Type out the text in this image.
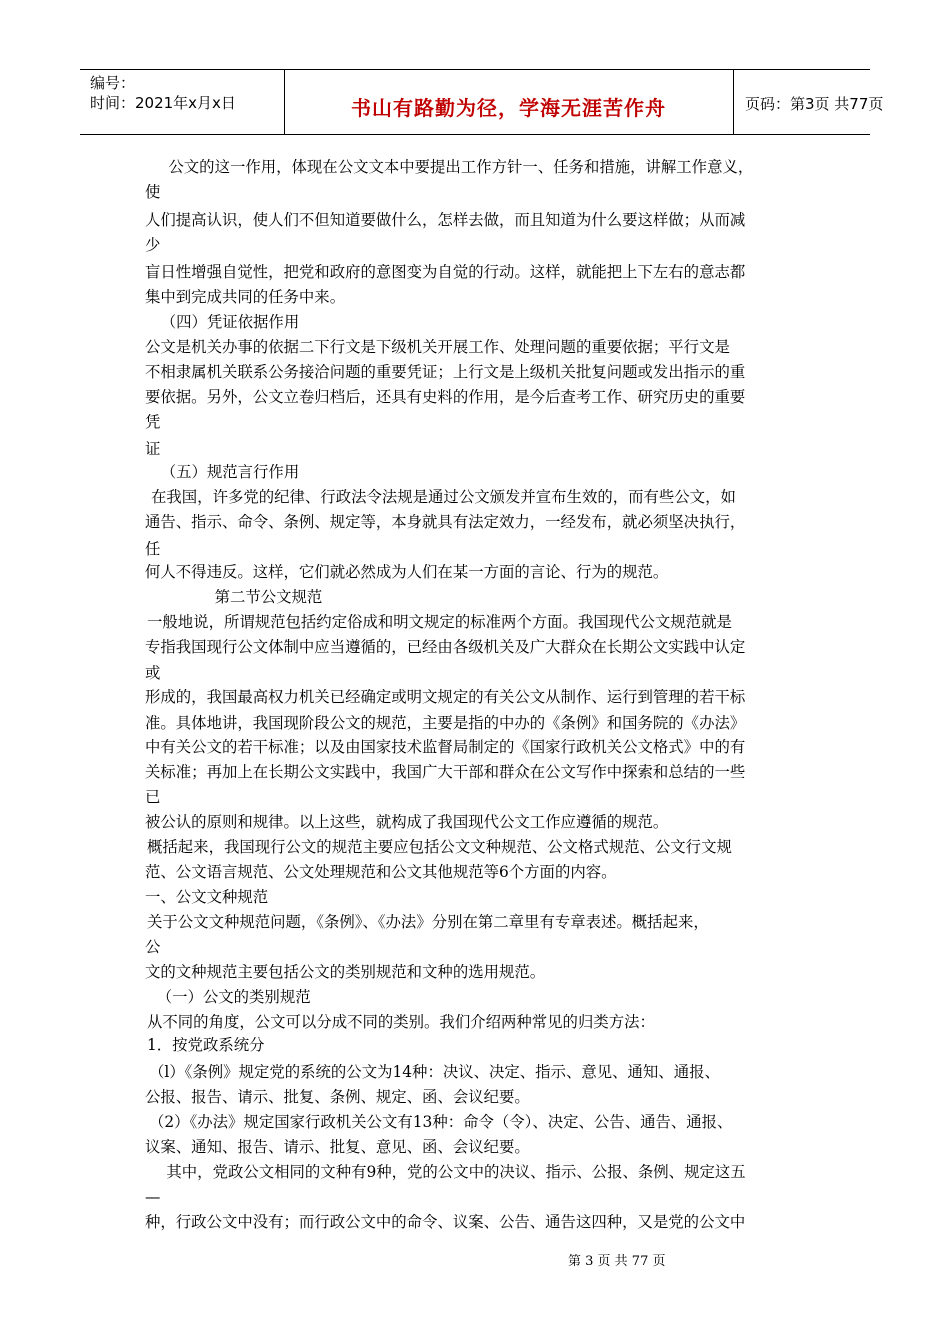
编号：
时间：2021年x月x日	书山有路勤为径，学海无涯苦作舟	页码：第3页 共77页
　公文的这一作用，体现在公文文本中要提出工作方针一、任务和措施，讲解工作意义，
使
人们提高认识，使人们不但知道要做什么，怎样去做，而且知道为什么要这样做；从而减
少
盲日性增强自觉性，把党和政府的意图变为自觉的行动。这样，就能把上下左右的意志都
集中到完成共同的任务中来。
　（四）凭证依据作用
公文是机关办事的依据二下行文是下级机关开展工作、处理问题的重要依据；平行文是
不相隶属机关联系公务接洽问题的重要凭证；上行文是上级机关批复问题或发出指示的重
要依据。另外，公文立卷归档后，还具有史料的作用，是今后查考工作、研究历史的重要
凭
证
　（五）规范言行作用
在我国，许多党的纪律、行政法令法规是通过公文颁发并宣布生效的，而有些公文，如
通告、指示、命令、条例、规定等，本身就具有法定效力，一经发布，就必须坚决执行，
任
何人不得违反。这样，它们就必然成为人们在某一方面的言论、行为的规范。
　　　　第二节公文规范
一般地说，所谓规范包括约定俗成和明文规定的标准两个方面。我国现代公文规范就是
专指我国现行公文体制中应当遵循的，已经由各级机关及广大群众在长期公文实践中认定
或
形成的，我国最高权力机关已经确定或明文规定的有关公文从制作、运行到管理的若干标
准。具体地讲，我国现阶段公文的规范，主要是指的中办的《条例》和国务院的《办法》
中有关公文的若干标准；以及由国家技术监督局制定的《国家行政机关公文格式》中的有
关标准；再加上在长期公文实践中，我国广大干部和群众在公文写作中探索和总结的一些
已
被公认的原则和规律。以上这些，就构成了我国现代公文工作应遵循的规范。
概括起来，我国现行公文的规范主要应包括公文文种规范、公文格式规范、公文行文规
范、公文语言规范、公文处理规范和公文其他规范等6个方面的内容。
一、公文文种规范
关于公文文种规范问题，《条例》、《办法》分别在第二章里有专章表述。概括起来，
公
文的文种规范主要包括公文的类别规范和文种的选用规范。
　（一）公文的类别规范
从不同的角度，公文可以分成不同的类别。我们介绍两种常见的归类方法：
1．按党政系统分
（l）《条例》规定党的系统的公文为14种：决议、决定、指示、意见、通知、通报、
公报、报告、请示、批复、条例、规定、函、会议纪要。
（2）《办法》规定国家行政机关公文有13种：命令（令）、决定、公告、通告、通报、
议案、通知、报告、请示、批复、意见、函、会议纪要。
　其中，党政公文相同的文种有9种，党的公文中的决议、指示、公报、条例、规定这五
—
种，行政公文中没有；而行政公文中的命令、议案、公告、通告这四种，又是党的公文中
第 3 页 共 77 页
